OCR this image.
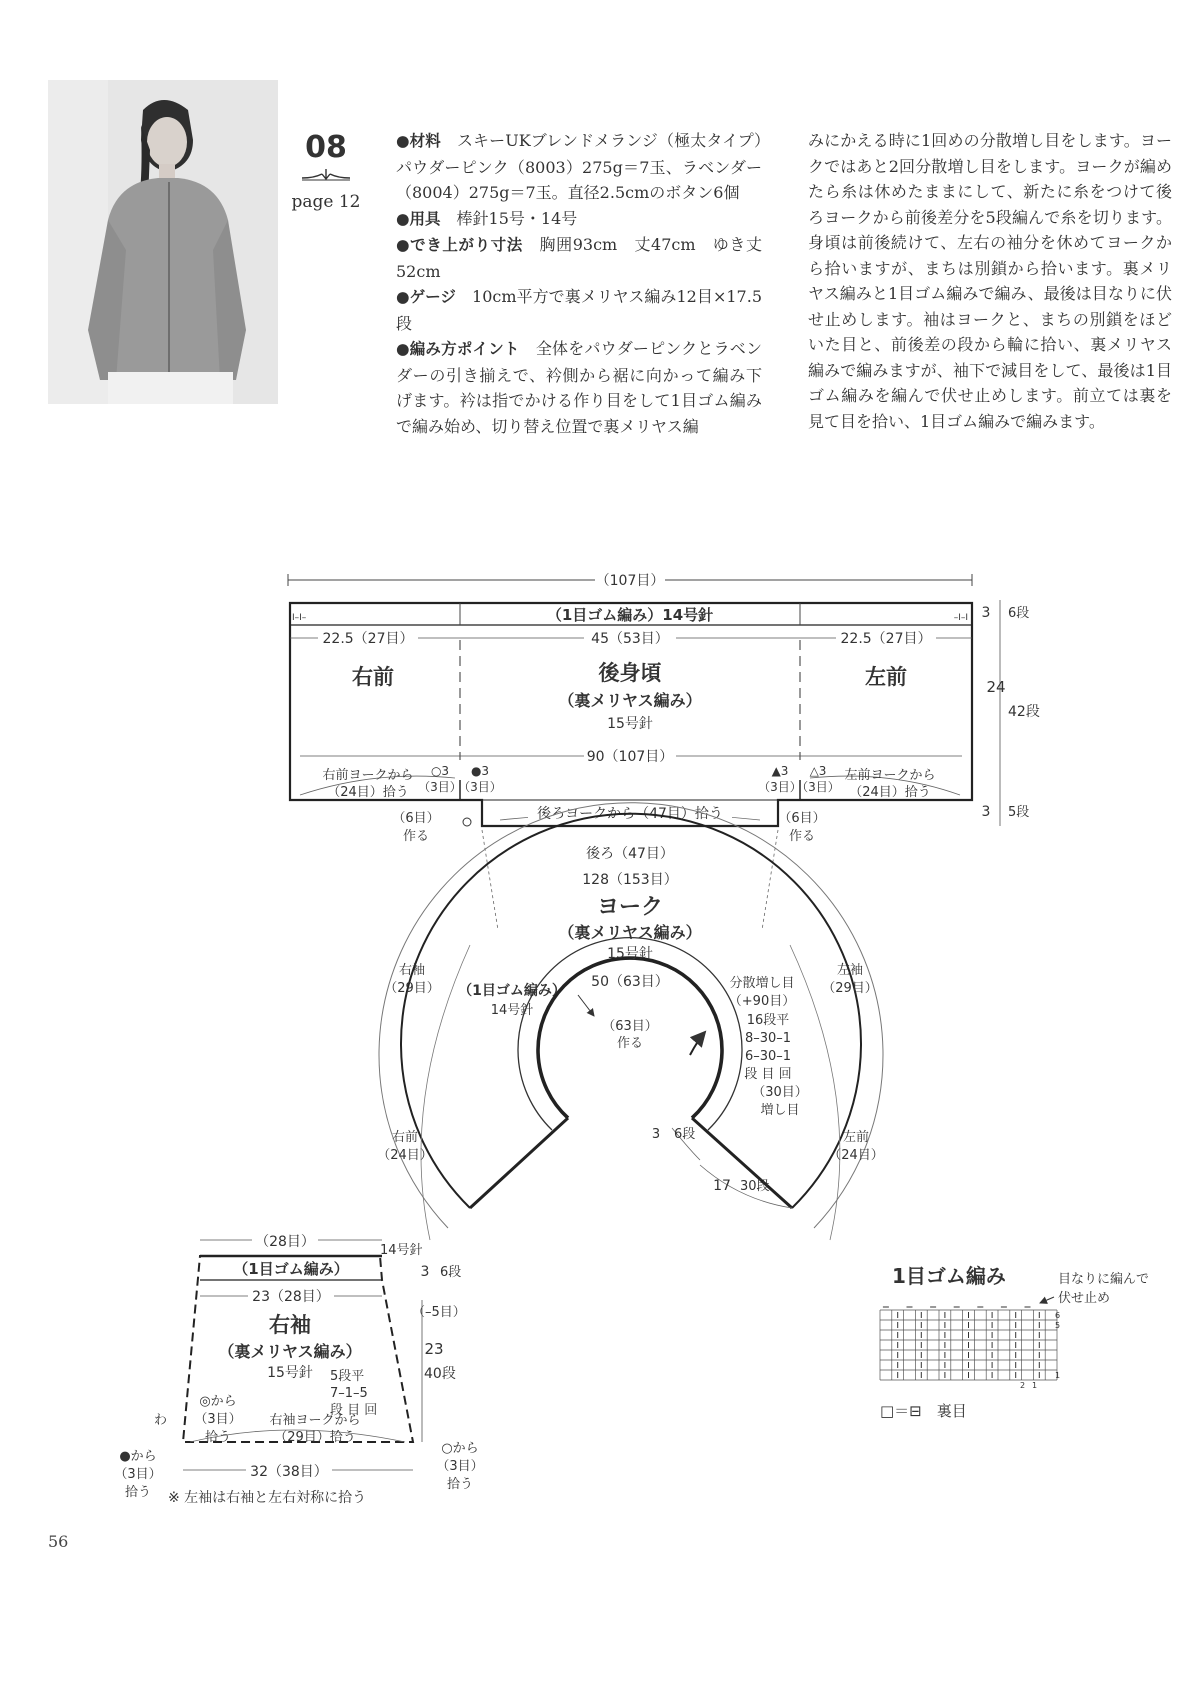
08
page 12
●材料　 スキーUKブレンドメランジ（極太タイプ）パウダーピンク（8003）275g＝7玉、ラベンダー（8004）275g＝7玉。直径2.5cmのボタン6個
●用具　 棒針15号・14号
●でき上がり寸法　 胸囲93cm　丈47cm　ゆき丈52cm
●ゲージ　 10cm平方で裏メリヤス編み12目×17.5段
●編み方ポイント　 全体をパウダーピンクとラベンダーの引き揃えで、衿側から裾に向かって編み下げます。衿は指でかける作り目をして1目ゴム編みで編み始め、切り替え位置で裏メリヤス編
みにかえる時に1回めの分散増し目をします。ヨークではあと2回分散増し目をします。ヨークが編めたら糸は休めたままにして、新たに糸をつけて後ろヨークから前後差分を5段編んで糸を切ります。身頃は前後続けて、左右の袖分を休めてヨークから拾いますが、まちは別鎖から拾います。裏メリヤス編みと1目ゴム編みで編み、最後は目なりに伏せ止めします。袖はヨークと、まちの別鎖をほどいた目と、前後差の段から輪に拾い、裏メリヤス編みで編みますが、袖下で減目をして、最後は1目ゴム編みを編んで伏せ止めします。前立ては裏を見て目を拾い、1目ゴム編みで編みます。
（107目）
I–I–	–I–I
（1目ゴム編み）14号針
22.5（27目）	45（53目）	22.5（27目）
右前	左前
後身頃
（裏メリヤス編み）
15号針
90（107目）
右前ヨークから
（24目）拾う
左前ヨークから
（24目）拾う
○3
（3目）
●3
（3目）
▲3
（3目）
△3
（3目）
後ろヨークから（47目）拾う
（6目）
作る
（6目）
作る
3 6段
24
42段
3 5段
後ろ（47目）
128（153目）
ヨーク
（裏メリヤス編み）
15号針
右袖
（29目）
左袖
（29目）
（1目ゴム編み）
14号針
50（63目）
（63目）
作る
分散増し目
（+90目）
16段平
8–30–1
6–30–1
段 目 回
（30目）
増し目
右前
（24目）
左前
（24目）
3 6段
17 30段
（28目）
14号針
（1目ゴム編み）	3 6段
23（28目）
（–5目）
右袖
（裏メリヤス編み）
15号針
23
40段
5段平
7–1–5
段 目 回
わ
◎から
（3目）
拾う
●から
（3目）
拾う
○から
（3目）
拾う
右袖ヨークから
（29目）拾う
32（38目）
※ 左袖は右袖と左右対称に拾う
1目ゴム編み	目なりに編んで
伏せ止め
6
5
1
2 1
□＝⊟　裏目
56
